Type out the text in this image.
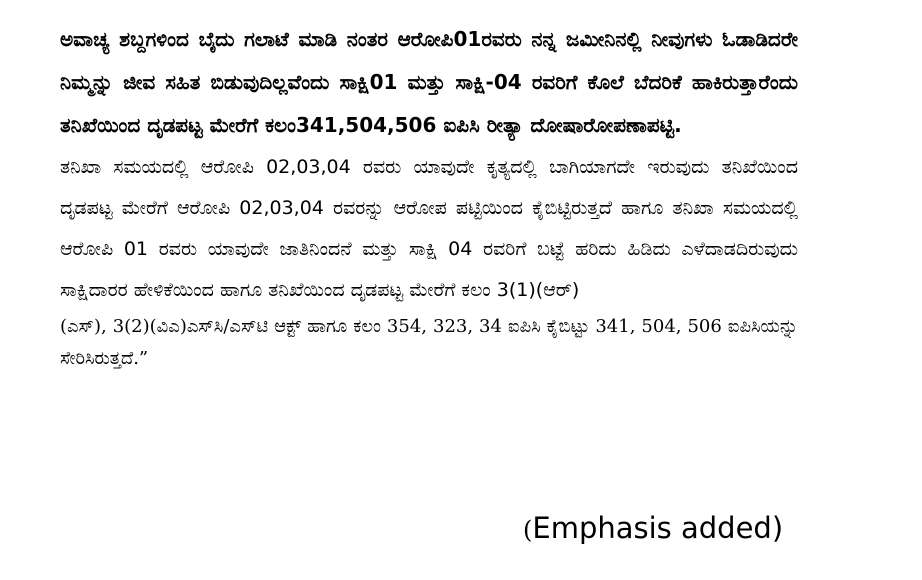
ಅವಾಚ್ಯ ಶಬ್ದಗಳಿಂದ ಬೈದು ಗಲಾಟೆ ಮಾಡಿ ನಂತರ ಆರೋಪಿ01ರವರು ನನ್ನ ಜಮೀನಿನಲ್ಲಿ ನೀವುಗಳು ಓಡಾಡಿದರೇ ನಿಮ್ಮನ್ನು ಜೀವ ಸಹಿತ ಬಿಡುವುದಿಲ್ಲವೆಂದು ಸಾಕ್ಷಿ01 ಮತ್ತು ಸಾಕ್ಷಿ-04 ರವರಿಗೆ ಕೊಲೆ ಬೆದರಿಕೆ ಹಾಕಿರುತ್ತಾರೆಂದು ತನಿಖೆಯಿಂದ ದೃಡಪಟ್ಟ ಮೇರೆಗೆ ಕಲಂ341,504,506 ಐಪಿಸಿ ರೀತ್ಯಾ ದೋಷಾರೋಪಣಾಪಟ್ಟಿ.

ತನಿಖಾ ಸಮಯದಲ್ಲಿ ಆರೋಪಿ 02,03,04 ರವರು ಯಾವುದೇ ಕೃತ್ಯದಲ್ಲಿ ಬಾಗಿಯಾಗದೇ ಇರುವುದು ತನಿಖೆಯಿಂದ ದೃಡಪಟ್ಟ ಮೇರೆಗೆ ಆರೋಪಿ 02,03,04 ರವರನ್ನು ಆರೋಪ ಪಟ್ಟಿಯಿಂದ ಕೈಬಿಟ್ಟಿರುತ್ತದೆ ಹಾಗೂ ತನಿಖಾ ಸಮಯದಲ್ಲಿ ಆರೋಪಿ 01 ರವರು ಯಾವುದೇ ಜಾತಿನಿಂದನೆ ಮತ್ತು ಸಾಕ್ಷಿ 04 ರವರಿಗೆ ಬಟ್ಟೆ ಹರಿದು ಹಿಡಿದು ಎಳೆದಾಡದಿರುವುದು ಸಾಕ್ಷಿದಾರರ ಹೇಳಿಕೆಯಿಂದ ಹಾಗೂ ತನಿಖೆಯಿಂದ ದೃಡಪಟ್ಟ ಮೇರೆಗೆ ಕಲಂ 3(1)(ಆರ್)

(ಎಸ್), 3(2)(ವಿಎ)ಎಸ್‌ಸಿ/ಎಸ್‌ಟಿ ಆಕ್ಟ್ ಹಾಗೂ ಕಲಂ 354, 323, 34 ಐಪಿಸಿ ಕೈಬಿಟ್ಟು 341, 504, 506 ಐಪಿಸಿಯನ್ನು ಸೇರಿಸಿರುತ್ತದೆ.”

(Emphasis added)
